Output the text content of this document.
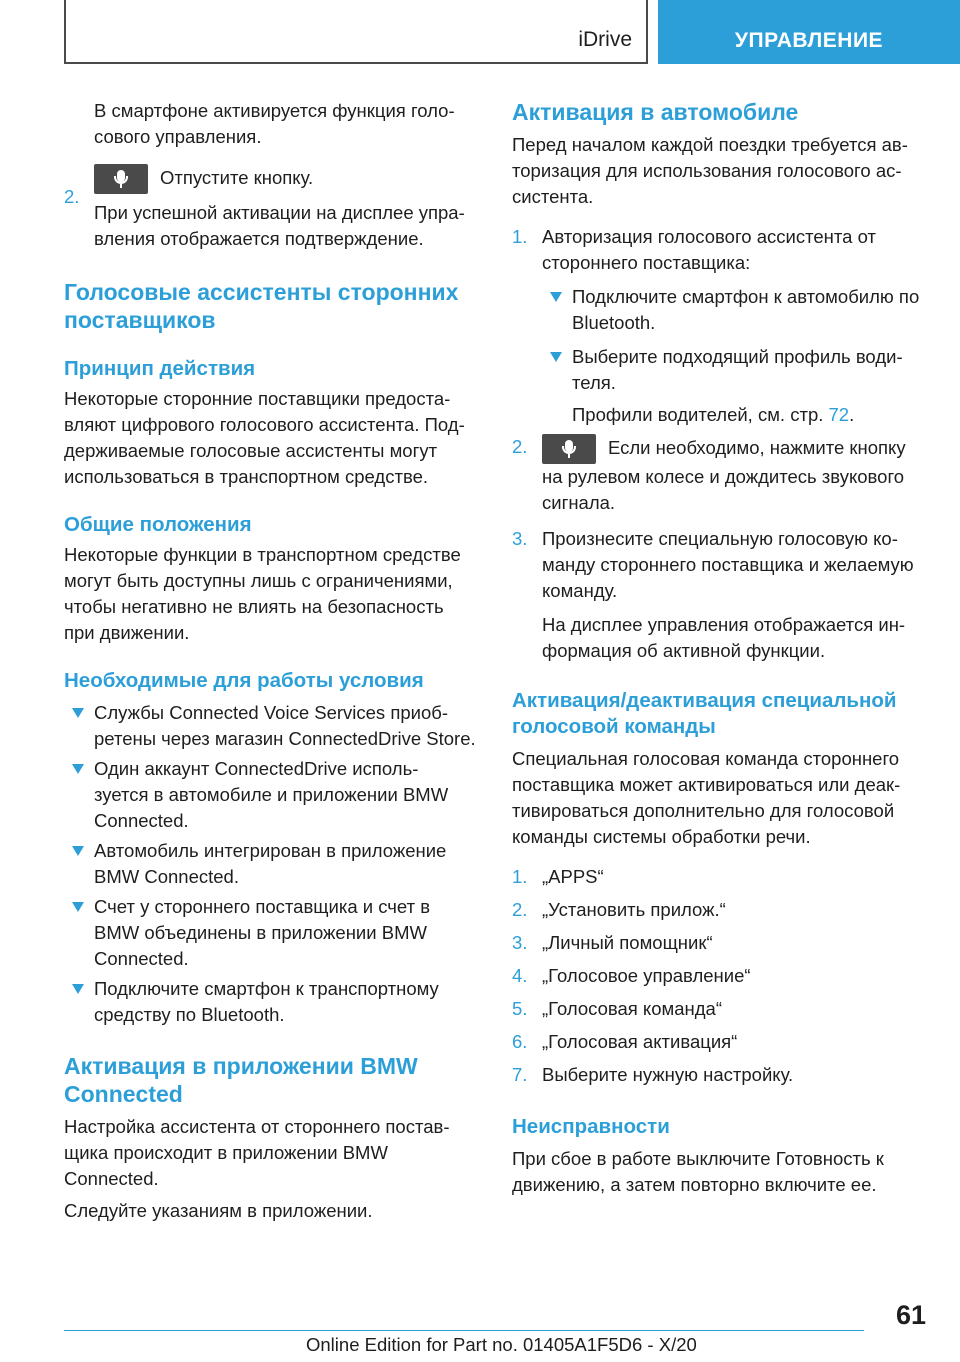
iDrive	УПРАВЛЕНИЕ

В смартфоне активируется функция голо- сового управления.

2.

Отпустите кнопку.

При успешной активации на дисплее упра- вления отображается подтверждение.

Голосовые ассистенты сторонних поставщиков
Принцип действия

Некоторые сторонние поставщики предоста- вляют цифрового голосового ассистента. Под- держиваемые голосовые ассистенты могут использоваться в транспортном средстве.

Общие положения

Некоторые функции в транспортном средстве могут быть доступны лишь с ограничениями, чтобы негативно не влиять на безопасность при движении.

Необходимые для работы условия

Службы Connected Voice Services приоб- ретены через магазин ConnectedDrive Store.

Один аккаунт ConnectedDrive исполь- зуется в автомобиле и приложении BMW Connected.

Автомобиль интегрирован в приложение BMW Connected.

Счет у стороннего поставщика и счет в BMW объединены в приложении BMW Connected.

Подключите смартфон к транспортному средству по Bluetooth.

Активация в приложении BMW Connected

Настройка ассистента от стороннего постав- щика происходит в приложении BMW Connected.

Следуйте указаниям в приложении.

Активация в автомобиле

Перед началом каждой поездки требуется ав- торизация для использования голосового ас- систента.

1. Авторизация голосового ассистента от стороннего поставщика:

Подключите смартфон к автомобилю по Bluetooth.

Выберите подходящий профиль води- теля.

Профили водителей, см. стр. 72.

2.	Если необходимо, нажмите кнопку на рулевом колесе и дождитесь звукового сигнала.

3. Произнесите специальную голосовую ко- манду стороннего поставщика и желаемую команду.

На дисплее управления отображается ин- формация об активной функции.

Активация/деактивация специальной голосовой команды

Специальная голосовая команда стороннего поставщика может активироваться или деак- тивироваться дополнительно для голосовой команды системы обработки речи.

1. „APPS“

2. „Установить прилож.“

3. „Личный помощник“

4. „Голосовое управление“

5. „Голосовая команда“

6. „Голосовая активация“

7. Выберите нужную настройку.

Неисправности

При сбое в работе выключите Готовность к движению, а затем повторно включите ее.

61
Online Edition for Part no. 01405A1F5D6 - X/20
